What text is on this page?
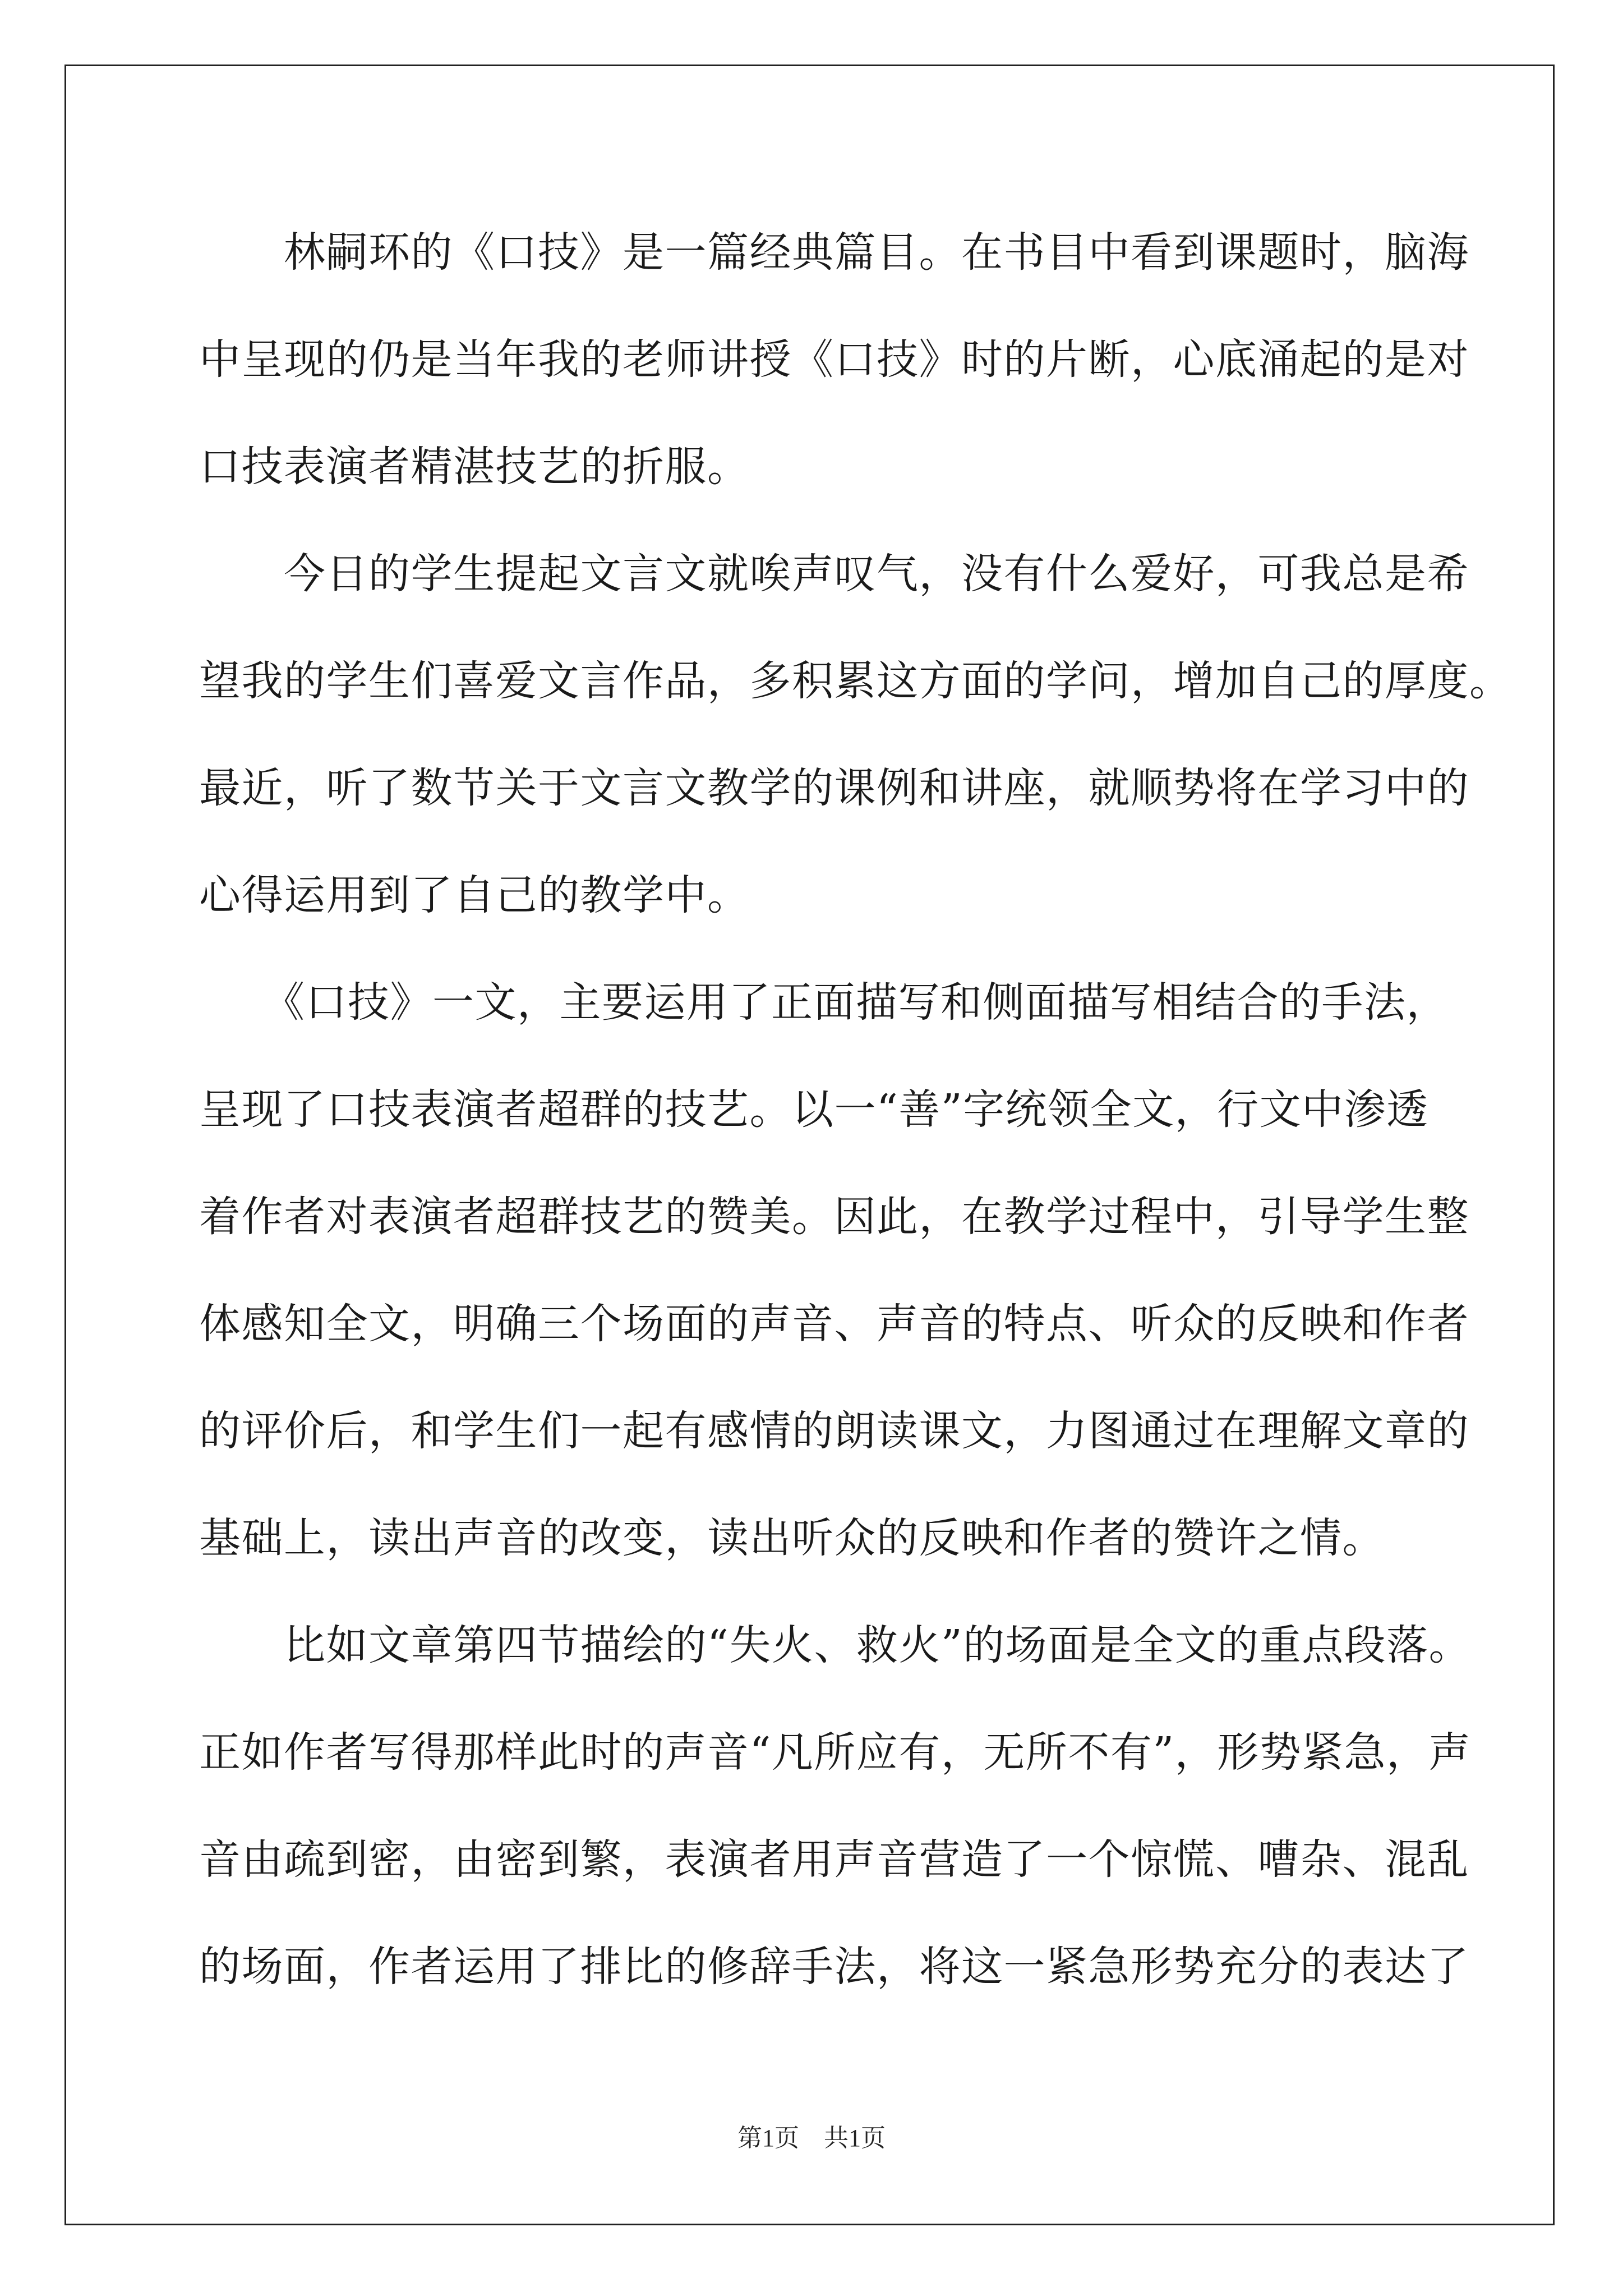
　　林嗣环的《口技》是一篇经典篇目。在书目中看到课题时，脑海
中呈现的仍是当年我的老师讲授《口技》时的片断，心底涌起的是对
口技表演者精湛技艺的折服。
　　今日的学生提起文言文就唉声叹气，没有什么爱好，可我总是希
望我的学生们喜爱文言作品，多积累这方面的学问，增加自己的厚度。
最近，听了数节关于文言文教学的课例和讲座，就顺势将在学习中的
心得运用到了自己的教学中。
　　《口技》一文，主要运用了正面描写和侧面描写相结合的手法，
呈现了口技表演者超群的技艺。以一“善”字统领全文，行文中渗透
着作者对表演者超群技艺的赞美。因此，在教学过程中，引导学生整
体感知全文，明确三个场面的声音、声音的特点、听众的反映和作者
的评价后，和学生们一起有感情的朗读课文，力图通过在理解文章的
基础上，读出声音的改变，读出听众的反映和作者的赞许之情。
　　比如文章第四节描绘的“失火、救火”的场面是全文的重点段落。
正如作者写得那样此时的声音“凡所应有，无所不有”，形势紧急，声
音由疏到密，由密到繁，表演者用声音营造了一个惊慌、嘈杂、混乱
的场面，作者运用了排比的修辞手法，将这一紧急形势充分的表达了
第1页 共1页
